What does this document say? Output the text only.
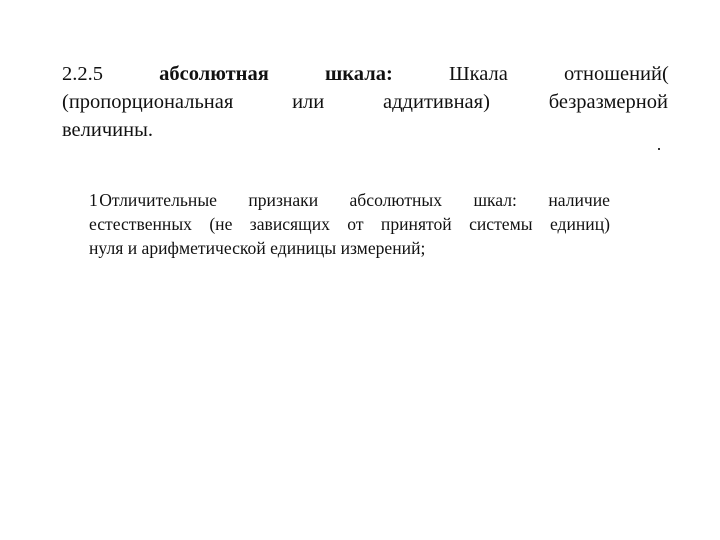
2.2.5	абсолютная	шкала:	Шкала	отношений(
(пропорциональная	или	аддитивная)	безразмерной
величины.
1 Отличительные признаки абсолютных шкал: наличие
естественных (не зависящих от принятой системы единиц)
нуля и арифметической единицы измерений;
